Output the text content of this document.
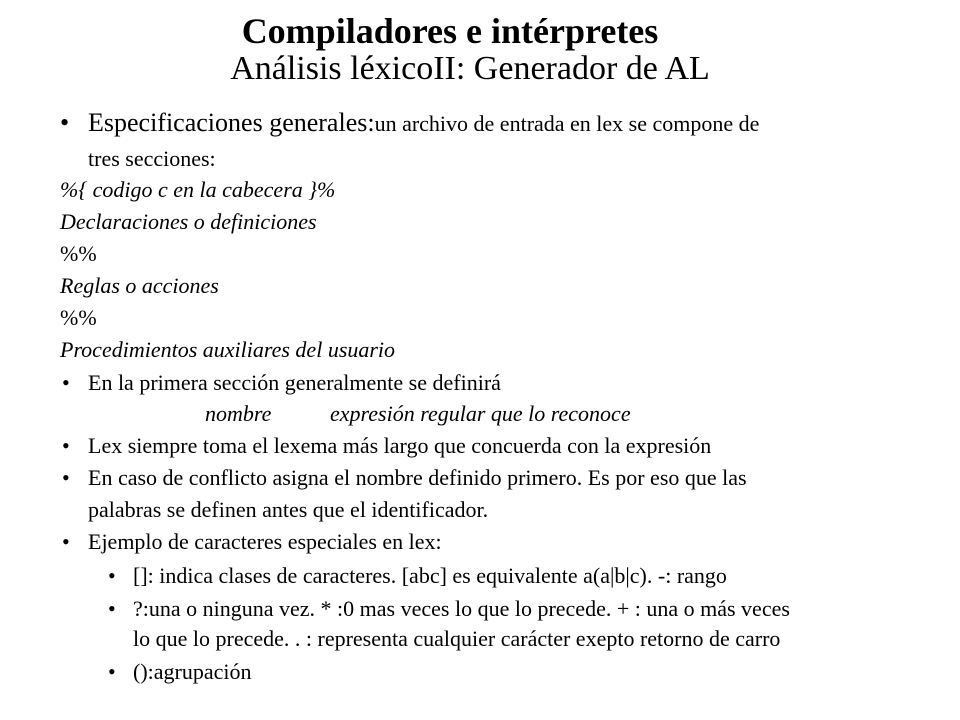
Compiladores e intérpretes
Análisis léxicoII: Generador de AL
• Especificaciones generales:un archivo de entrada en lex se compone de
tres secciones:
%{ codigo c en la cabecera }%
Declaraciones o definiciones
%%
Reglas o acciones
%%
Procedimientos auxiliares del usuario
• En la primera sección generalmente se definirá
nombre	expresión regular que lo reconoce
• Lex siempre toma el lexema más largo que concuerda con la expresión
• En caso de conflicto asigna el nombre definido primero. Es por eso que las
palabras se definen antes que el identificador.
• Ejemplo de caracteres especiales en lex:
• []: indica clases de caracteres. [abc] es equivalente a(a|b|c). -: rango
• ?:una o ninguna vez. * :0 mas veces lo que lo precede. + : una o más veces
lo que lo precede. . : representa cualquier carácter exepto retorno de carro
• ():agrupación
